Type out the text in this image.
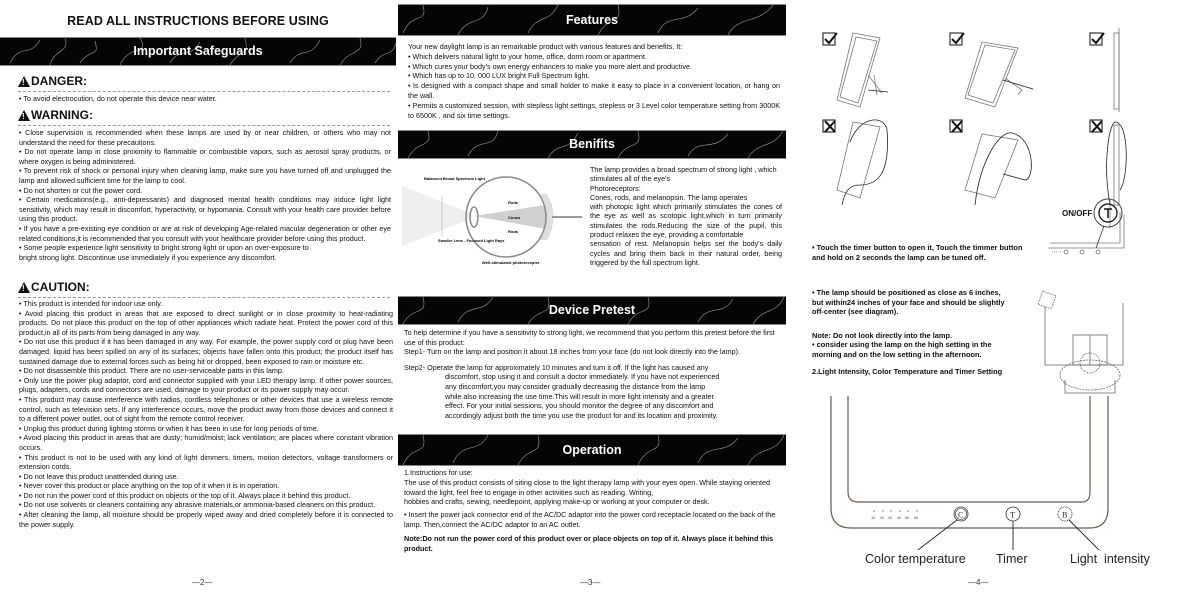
READ ALL INSTRUCTIONS BEFORE USING
Important Safeguards
!
DANGER:

• To avoid electrocution, do not operate this device near water.

!
WARNING:

• Close supervision is recommended when these lamps are used by or near children, or others who may not understand the need for these precautions.

• Do not operate lamp in close proximity to flammable or combustible vapors, such as aerosol spray products, or where oxygen is being administered.

• To prevent risk of shock or personal injury when cleaning lamp, make sure you have turned off and unplugged the lamp and allowed sufficient time for the lamp to cool.

• Do not shorten or cut the power cord.

• Certain medications(e.g., anti-depressants) and diagnosed mental health conditions may induce light light sensitivity, which may result in discomfort, hyperactivity, or hypomania. Consult with your health care provider before using this product.

• If you have a pre-existing eye condition or are at risk of developing Age-related macular degeneration or other eye related conditions,it is recommended that you consult with your healthcare provider before using this product.

• Some people experience light sensitivity to bright strong light or upon an over-exposure to

bright strong light. Discontinue use immediately if you experience any discomfort.

!
CAUTION:

• This product is intended for indoor use only.

• Avoid placing this product in areas that are exposed to direct sunlight or in close proximity to heat-radiating products. Do not place this product on the top of other appliances which radiate heat. Protect the power cord of this product,in all of its parts from being damaged in any way.

• Do not use this product if it has been damaged in any way. For example, the power supply cord or plug have been damaged; liquid has been spilled on any of its surfaces; objects have fallen onto this product; the product itself has sustained damage due to external forces such as being hit or dropped, been exposed to rain or moisture etc.

• Do not disassemble this product. There are no user-serviceable parts in this lamp.

• Only use the power plug adaptor, cord and connector supplied with your LED therapy lamp. If other power sources, plugs, adapters, cords and connectors are used, damage to your product or its power supply may occur.

• This product may cause interference with radios, cordless telephones or other devices that use a wireless remote control, such as television sets. If any interference occurs, move the product away from those devices and connect it to a different power outlet, out of sight from the remote control receiver.

• Unplug this product during lighting storms or when it has been in use for long periods of time.

• Avoid placing this product in areas that are dusty; humid/moist; lack ventilation; are places where constant vibration occurs.

• This product is not to be used with any kind of light dimmers, timers, motion detectors, voltage transformers or extension cords.

• Do not leave this product unattended during use.

• Never cover this product or place anything on the top of it when it is in operation.

• Do not run the power cord of this product on objects or the top of it. Always place it behind this product.

• Do not use solvents or cleaners containing any abrasive materials,or ammonia-based cleaners on this product.

• After cleaning the lamp, all moisture should be properly wiped away and dried completely before it is connected to the power supply.

—2—
Features

Your new daylight lamp is an remarkable product with various features and benefits. It:

• Which delivers natural light to your home, office, dorm room or apartment.

• Which cures your body's own energy enhancers to make you more alert and productive.

• Which has up to 10, 000 LUX bright Full Spectrum light.

• Is designed with a compact shape and small holder to make it easy to place in a convenient location, or hang on the wall.

• Permits a customized session, with stepless light settings, stepless or 3 Level color temperature setting from 3000K to 6500K , and six time settings.

Benifits
Balanced Broad Spectrum Light
Rods
Cones
Rods
Smaller Lens - Focused Light Rays
Well-stimulated photoreceptrs

The lamp provides a broad spectrum of strong light , which stimulates all of the eye's

Photoreceptors:

Cones, rods, and melanopsin. The lamp operates

with photopic light which primarily stimulates the cones of the eye as well as scotopic light,which in turn primarily stimulates the rods.Reducing the size of the pupil, this product relaxes the eye, providing a comfortable

sensation of rest. Melanopsin helps set the body's daily cycles and bring them back in their natural order, being triggered by the full spectrum light.

Device Pretest

To help determine if you have a sensitivity to strong light, we recommend that you perform this pretest before the first use of this product:

Step1- Turn on the lamp and position it about 18 inches from your face (do not look directly into the lamp).

Step2- Operate the lamp for approximately 10 minutes and turn it off. If the light has caused any discomfort, stop using it and consult a doctor immediately. If you have not experienced any discomfort,you may consider gradually decreasing the distance from the lamp while also increasing the use time.This will result in more light intensity and a greater effect. For your initial sessions, you should monitor the degree of any discomfort and accordingly adjust both the time you use the product for and its location and proximity.

Operation

1.Instructions for use:

The use of this product consists of siting close to the light therapy lamp with your eyes open. While staying oriented toward the light, feel free to engage in other activities such as reading. Writing,

hobbies and crafts, sewing, needlepoint, applying make-up or working at your computer or desk.

• Insert the power jack connector end of the AC/DC adaptor into the power cord receptacle located on the back of the lamp. Then,connect the AC/DC adaptor to an AC outlet.

Note:Do not run the power cord of this product over or place objects on top of it. Always place it behind this product.

—3—
ON/OFF
• Touch the timer button to open it, Touch the timmer button and hold on 2 seconds the lamp can be tuned off.
• The lamp should be positioned as close as 6 inches, but within24 inches of your face and should be slightly off-center (see diagram).
Note: Do not look directly into the lamp.
• consider using the lamp on the high setting in the morning and on the low setting in the afternoon.
2.Light Intensity, Color Temperature and Timer Setting
10 20 30 40 50 60	C	T	B
Color temperature Timer	Light  intensity
—4—
